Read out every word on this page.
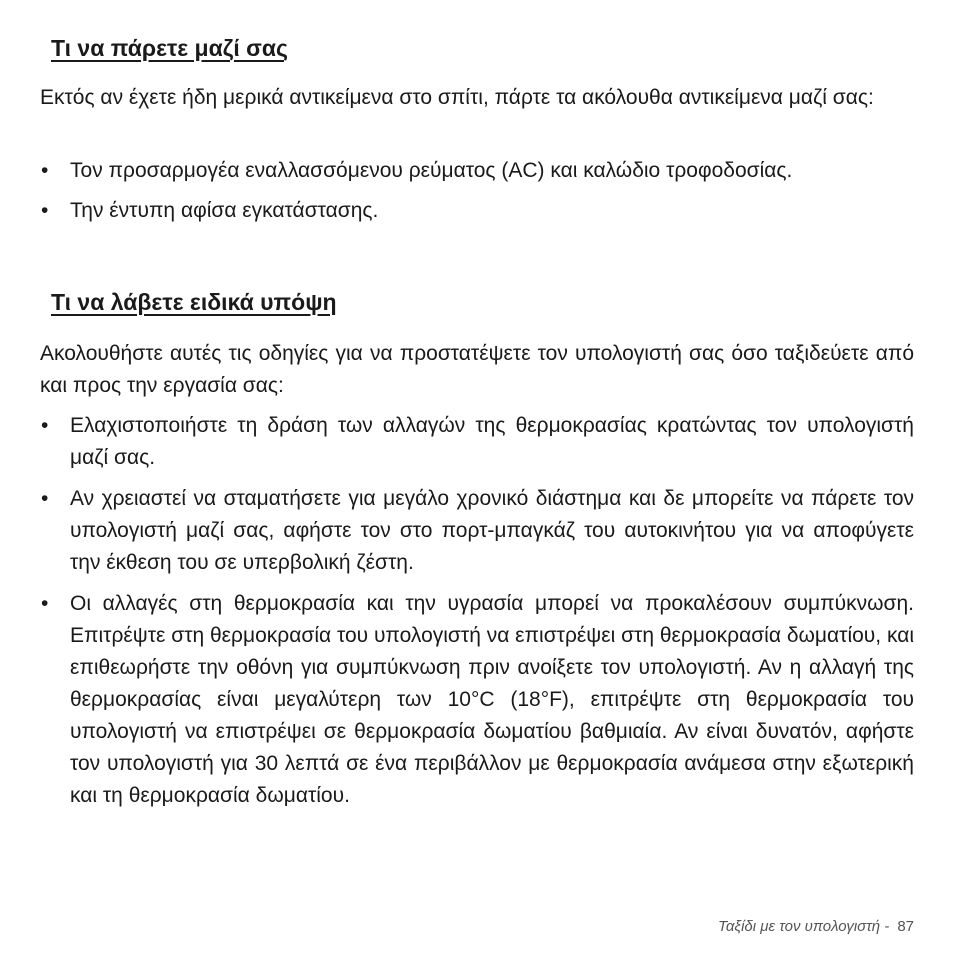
Τι να πάρετε μαζί σας

Εκτός αν έχετε ήδη μερικά αντικείμενα στο σπίτι, πάρτε τα ακόλουθα αντικείμενα μαζί σας:

•	Τον προσαρμογέα εναλλασσόμενου ρεύματος (AC) και καλώδιο τροφοδοσίας.
•	Την έντυπη αφίσα εγκατάστασης.
Τι να λάβετε ειδικά υπόψη

Ακολουθήστε αυτές τις οδηγίες για να προστατέψετε τον υπολογιστή σας όσο ταξιδεύετε από και προς την εργασία σας:

•	Ελαχιστοποιήστε τη δράση των αλλαγών της θερμοκρασίας κρατώντας τον υπολογιστή μαζί σας.
•	Αν χρειαστεί να σταματήσετε για μεγάλο χρονικό διάστημα και δε μπορείτε να πάρετε τον υπολογιστή μαζί σας, αφήστε τον στο πορτ-μπαγκάζ του αυτοκινήτου για να αποφύγετε την έκθεση του σε υπερβολική ζέστη.
•	Οι αλλαγές στη θερμοκρασία και την υγρασία μπορεί να προκαλέσουν συμπύκνωση. Επιτρέψτε στη θερμοκρασία του υπολογιστή να επιστρέψει στη θερμοκρασία δωματίου, και επιθεωρήστε την οθόνη για συμπύκνωση πριν ανοίξετε τον υπολογιστή. Αν η αλλαγή της θερμοκρασίας είναι μεγαλύτερη των 10°C (18°F), επιτρέψτε στη θερμοκρασία του υπολογιστή να επιστρέψει σε θερμοκρασία δωματίου βαθμιαία. Αν είναι δυνατόν, αφήστε τον υπολογιστή για 30 λεπτά σε ένα περιβάλλον με θερμοκρασία ανάμεσα στην εξωτερική και τη θερμοκρασία δωματίου.
Ταξίδι με τον υπολογιστή - 87
